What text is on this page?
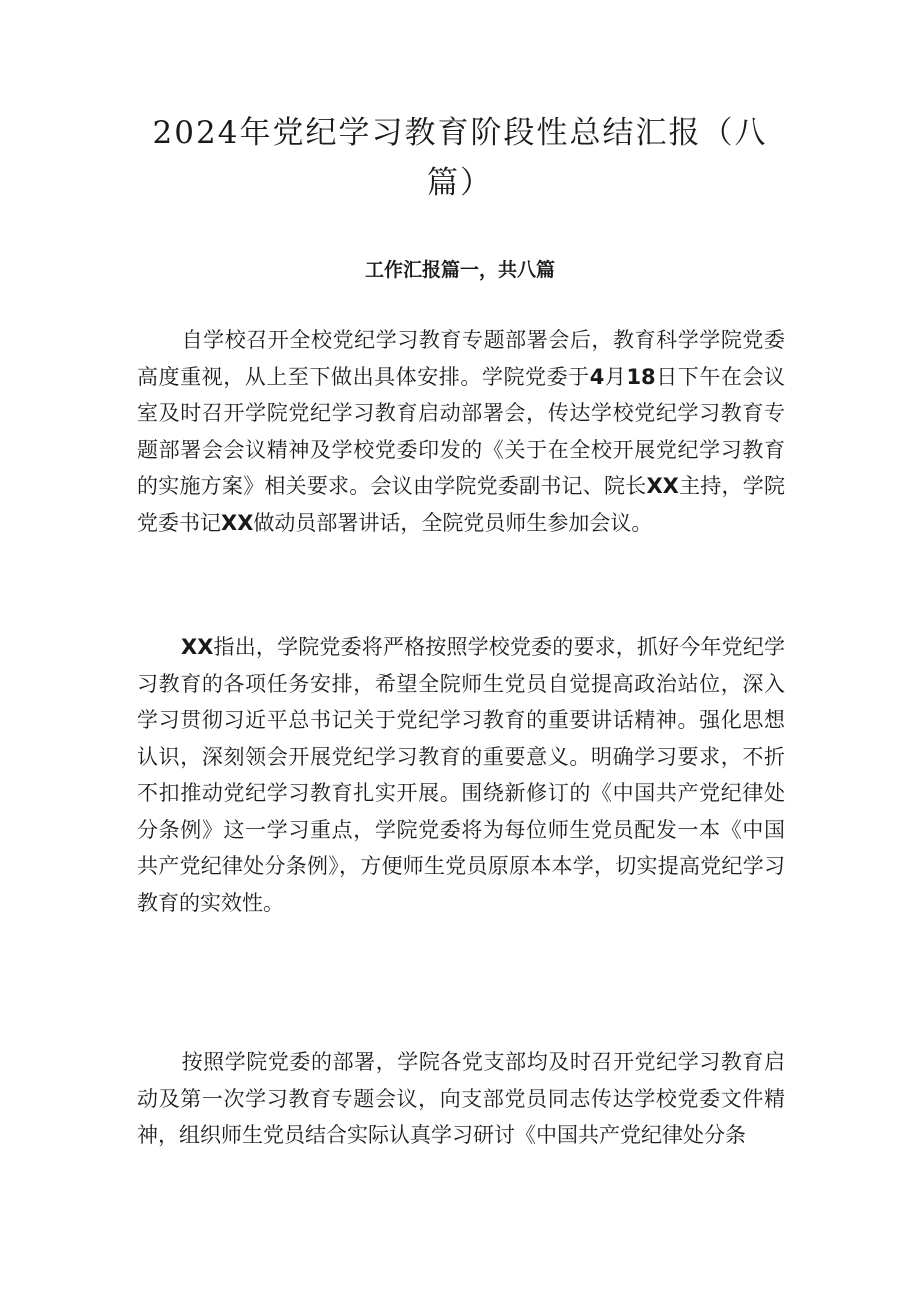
2024年党纪学习教育阶段性总结汇报（八篇）
工作汇报篇一，共八篇

自学校召开全校党纪学习教育专题部署会后，教育科学学院党委高度重视，从上至下做出具体安排。学院党委于4月18日下午在会议室及时召开学院党纪学习教育启动部署会，传达学校党纪学习教育专题部署会会议精神及学校党委印发的《关于在全校开展党纪学习教育的实施方案》相关要求。会议由学院党委副书记、院长XX主持，学院党委书记XX做动员部署讲话，全院党员师生参加会议。

XX指出，学院党委将严格按照学校党委的要求，抓好今年党纪学习教育的各项任务安排，希望全院师生党员自觉提高政治站位，深入学习贯彻习近平总书记关于党纪学习教育的重要讲话精神。强化思想认识，深刻领会开展党纪学习教育的重要意义。明确学习要求，不折不扣推动党纪学习教育扎实开展。围绕新修订的《中国共产党纪律处分条例》这一学习重点，学院党委将为每位师生党员配发一本《中国共产党纪律处分条例》，方便师生党员原原本本学，切实提高党纪学习教育的实效性。

按照学院党委的部署，学院各党支部均及时召开党纪学习教育启动及第一次学习教育专题会议，向支部党员同志传达学校党委文件精神，组织师生党员结合实际认真学习研讨《中国共产党纪律处分条
